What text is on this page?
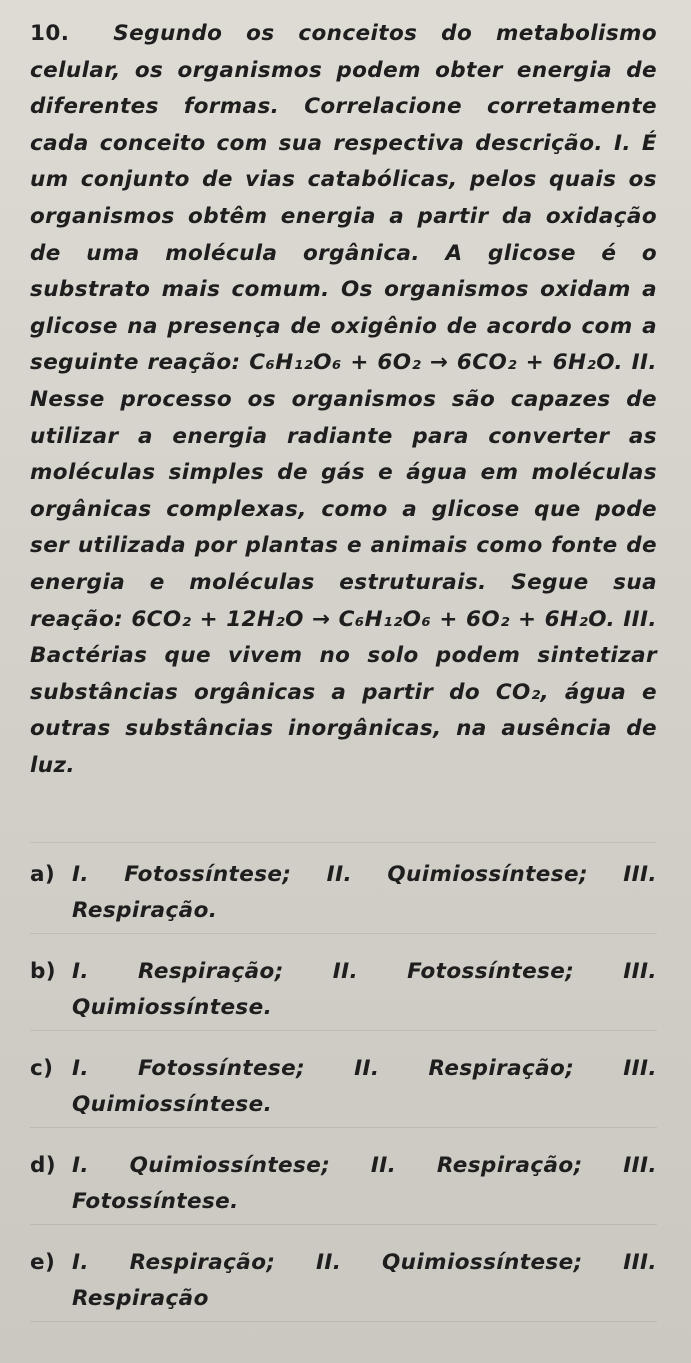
10. Segundo os conceitos do metabolismo celular, os organismos podem obter energia de diferentes formas. Correlacione corretamente cada conceito com sua respectiva descrição. I. É um conjunto de vias catabólicas, pelos quais os organismos obtêm energia a partir da oxidação de uma molécula orgânica. A glicose é o substrato mais comum. Os organismos oxidam a glicose na presença de oxigênio de acordo com a seguinte reação: C₆H₁₂O₆ + 6O₂ → 6CO₂ + 6H₂O. II. Nesse processo os organismos são capazes de utilizar a energia radiante para converter as moléculas simples de gás e água em moléculas orgânicas complexas, como a glicose que pode ser utilizada por plantas e animais como fonte de energia e moléculas estruturais. Segue sua reação: 6CO₂ + 12H₂O → C₆H₁₂O₆ + 6O₂ + 6H₂O. III. Bactérias que vivem no solo podem sintetizar substâncias orgânicas a partir do CO₂, água e outras substâncias inorgânicas, na ausência de luz.

a) I. Fotossíntese; II. Quimiossíntese; III. Respiração.
b) I. Respiração; II. Fotossíntese; III. Quimiossíntese.
c) I. Fotossíntese; II. Respiração; III. Quimiossíntese.
d) I. Quimiossíntese; II. Respiração; III. Fotossíntese.
e) I. Respiração; II. Quimiossíntese; III. Respiração
